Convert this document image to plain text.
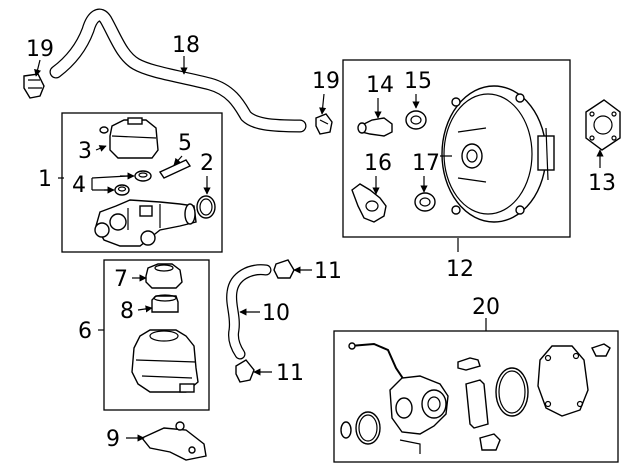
1
2
3
4
5
6
7
8
9
10
11
11
12
13
14 15
16 17
18
19
19
20
